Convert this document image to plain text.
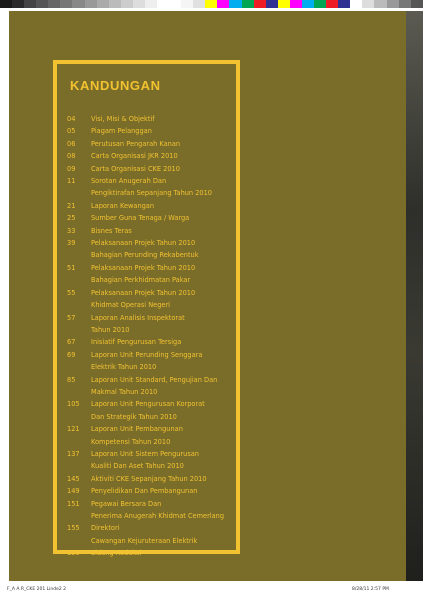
KANDUNGAN
04	Visi, Misi & Objektif
05	Piagam Pelanggan
06	Perutusan Pengarah Kanan
08	Carta Organisasi JKR 2010
09	Carta Organisasi CKE 2010
11	Sorotan Anugerah Dan
Pengiktirafan Sepanjang Tahun 2010
21	Laporan Kewangan
25	Sumber Guna Tenaga / Warga
33	Bisnes Teras
39	Pelaksanaan Projek Tahun 2010
Bahagian Perunding Rekabentuk
51	Pelaksanaan Projek Tahun 2010
Bahagian Perkhidmatan Pakar
55	Pelaksanaan Projek Tahun 2010
Khidmat Operasi Negeri
57	Laporan Analisis Inspektorat
Tahun 2010
67	Inisiatif Pengurusan Tersiga
69	Laporan Unit Perunding Senggara
Elektrik Tahun 2010
85	Laporan Unit Standard, Pengujian Dan
Makmal Tahun 2010
105	Laporan Unit Pengurusan Korporat
Dan Strategik Tahun 2010
121	Laporan Unit Pembangunan
Kompetensi Tahun 2010
137	Laporan Unit Sistem Pengurusan
Kualiti Dan Aset Tahun 2010
145	Aktiviti CKE Sepanjang Tahun 2010
149	Penyelidikan Dan Pembangunan
151	Pegawai Bersara Dan
Penerima Anugerah Khidmat Cemerlang
155	Direktori
Cawangan Kejuruteraan Elektrik
156	Sidang Redaksi
F_A A R_CKE 201 Linde2 2	8/28/11 2:57 PM
